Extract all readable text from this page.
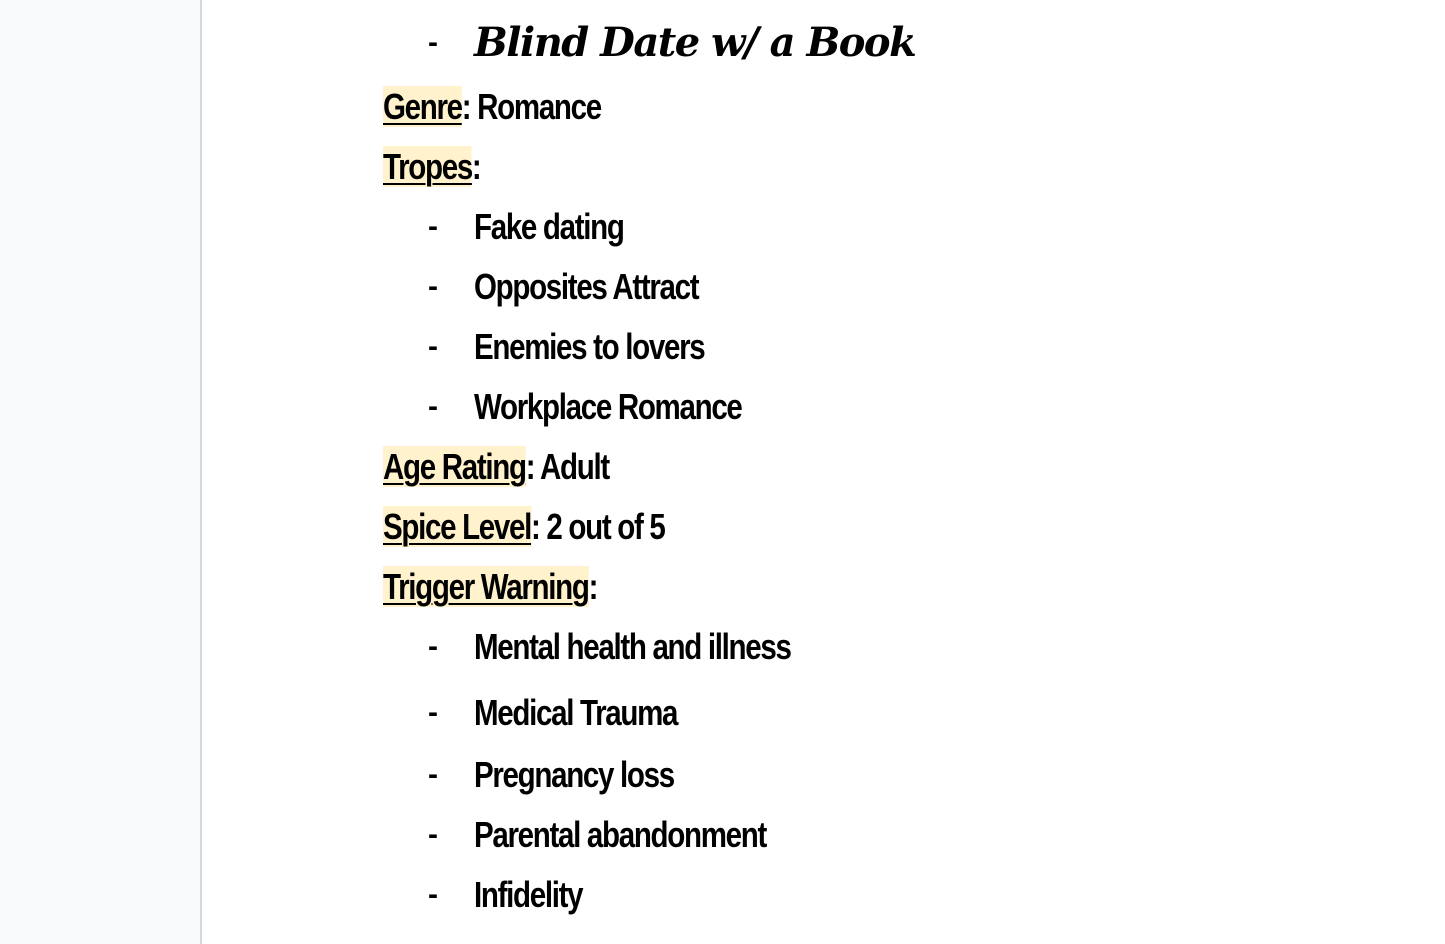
- Blind Date w/ a Book
Genre: Romance
Tropes:
- Fake dating
- Opposites Attract
- Enemies to lovers
- Workplace Romance
Age Rating: Adult
Spice Level: 2 out of 5
Trigger Warning:
- Mental health and illness
- Medical Trauma
- Pregnancy loss
- Parental abandonment
- Infidelity
